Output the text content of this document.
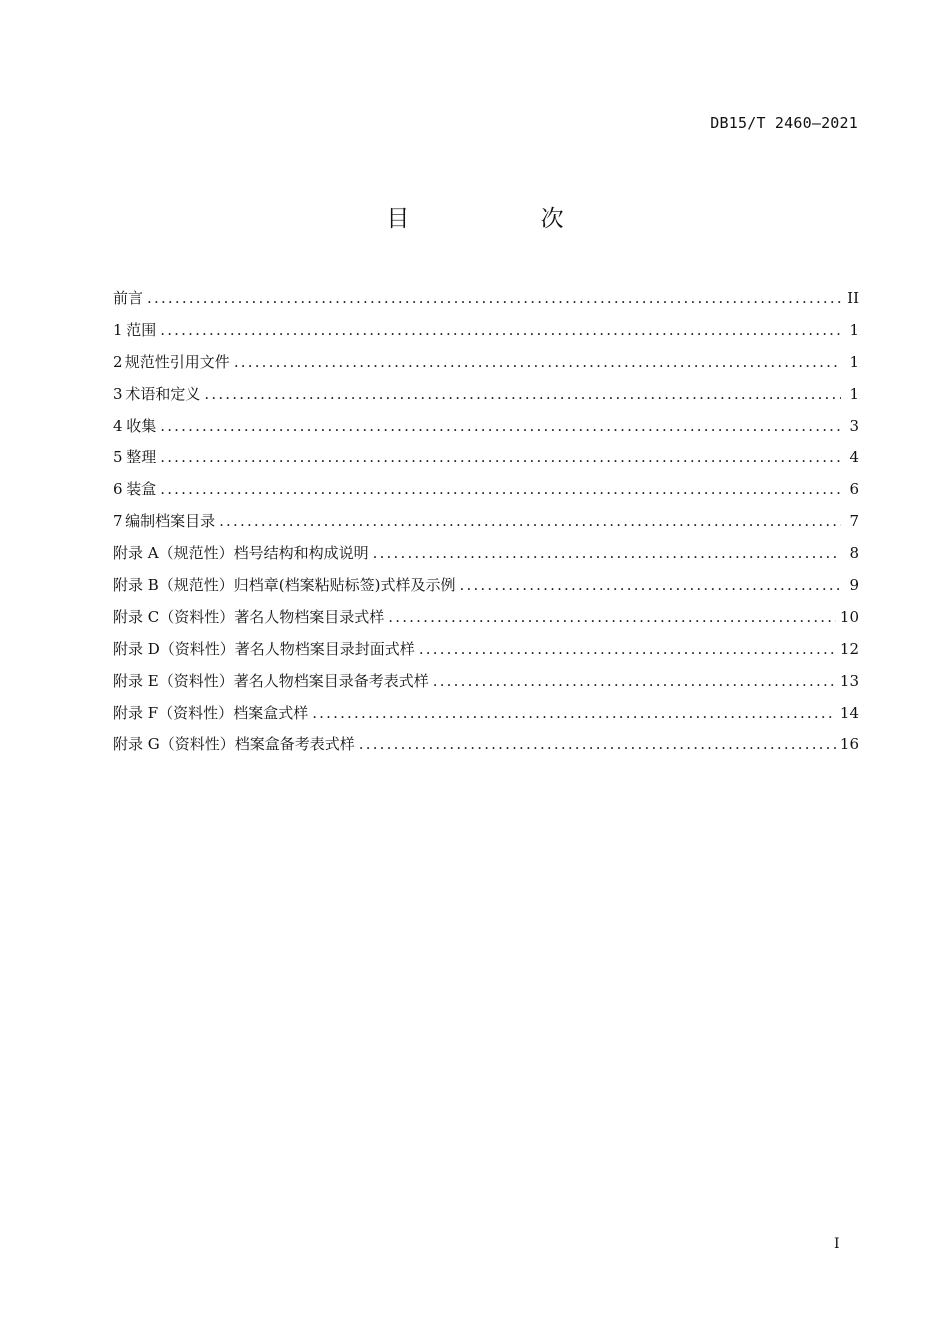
DB15/T 2460—2021
目 次
前言 .....	II
1 范围 .....	1
2 规范性引用文件 .....	1
3 术语和定义 .....	1
4 收集 .....	3
5 整理 .....	4
6 装盒 .....	6
7 编制档案目录 .....	7
附录 A（规范性） 档号结构和构成说明 .....	8
附录 B（规范性） 归档章(档案粘贴标签)式样及示例 .....	9
附录 C（资料性） 著名人物档案目录式样 .....	10
附录 D（资料性） 著名人物档案目录封面式样 .....	12
附录 E（资料性） 著名人物档案目录备考表式样 .....	13
附录 F（资料性） 档案盒式样 .....	14
附录 G（资料性） 档案盒备考表式样 .....	16
I
